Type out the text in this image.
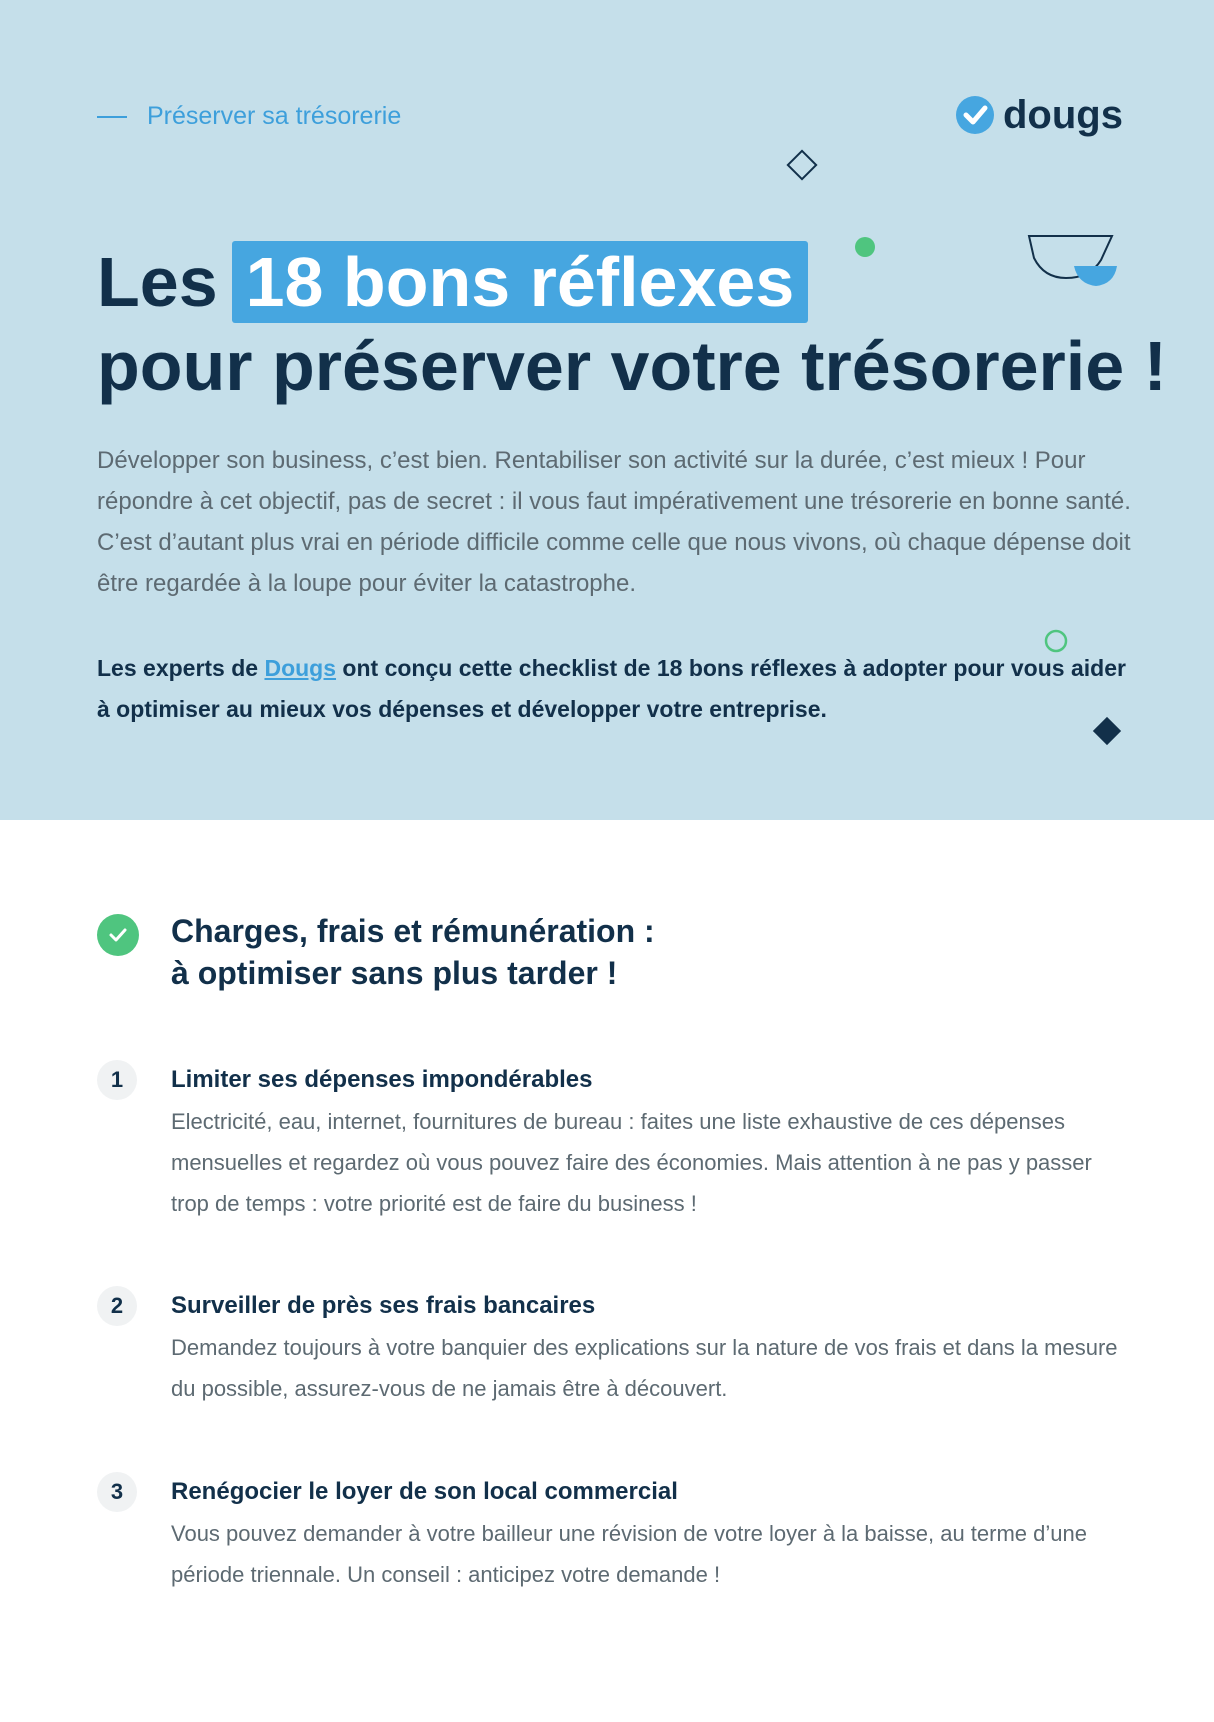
Préserver sa trésorerie	dougs
Les 18 bons réflexes
pour préserver votre trésorerie !

Développer son business, c’est bien. Rentabiliser son activité sur la durée, c’est mieux ! Pour répondre à cet objectif, pas de secret : il vous faut impérativement une trésorerie en bonne santé. C’est d’autant plus vrai en période difficile comme celle que nous vivons, où chaque dépense doit être regardée à la loupe pour éviter la catastrophe.

Les experts de Dougs ont conçu cette checklist de 18 bons réflexes à adopter pour vous aider à optimiser au mieux vos dépenses et développer votre entreprise.

Charges, frais et rémunération :
à optimiser sans plus tarder !
1	Limiter ses dépenses impondérables

Electricité, eau, internet, fournitures de bureau : faites une liste exhaustive de ces dépenses mensuelles et regardez où vous pouvez faire des économies. Mais attention à ne pas y passer trop de temps : votre priorité est de faire du business !

2	Surveiller de près ses frais bancaires

Demandez toujours à votre banquier des explications sur la nature de vos frais et dans la mesure du possible, assurez-vous de ne jamais être à découvert.

3	Renégocier le loyer de son local commercial

Vous pouvez demander à votre bailleur une révision de votre loyer à la baisse, au terme d’une période triennale. Un conseil : anticipez votre demande !
